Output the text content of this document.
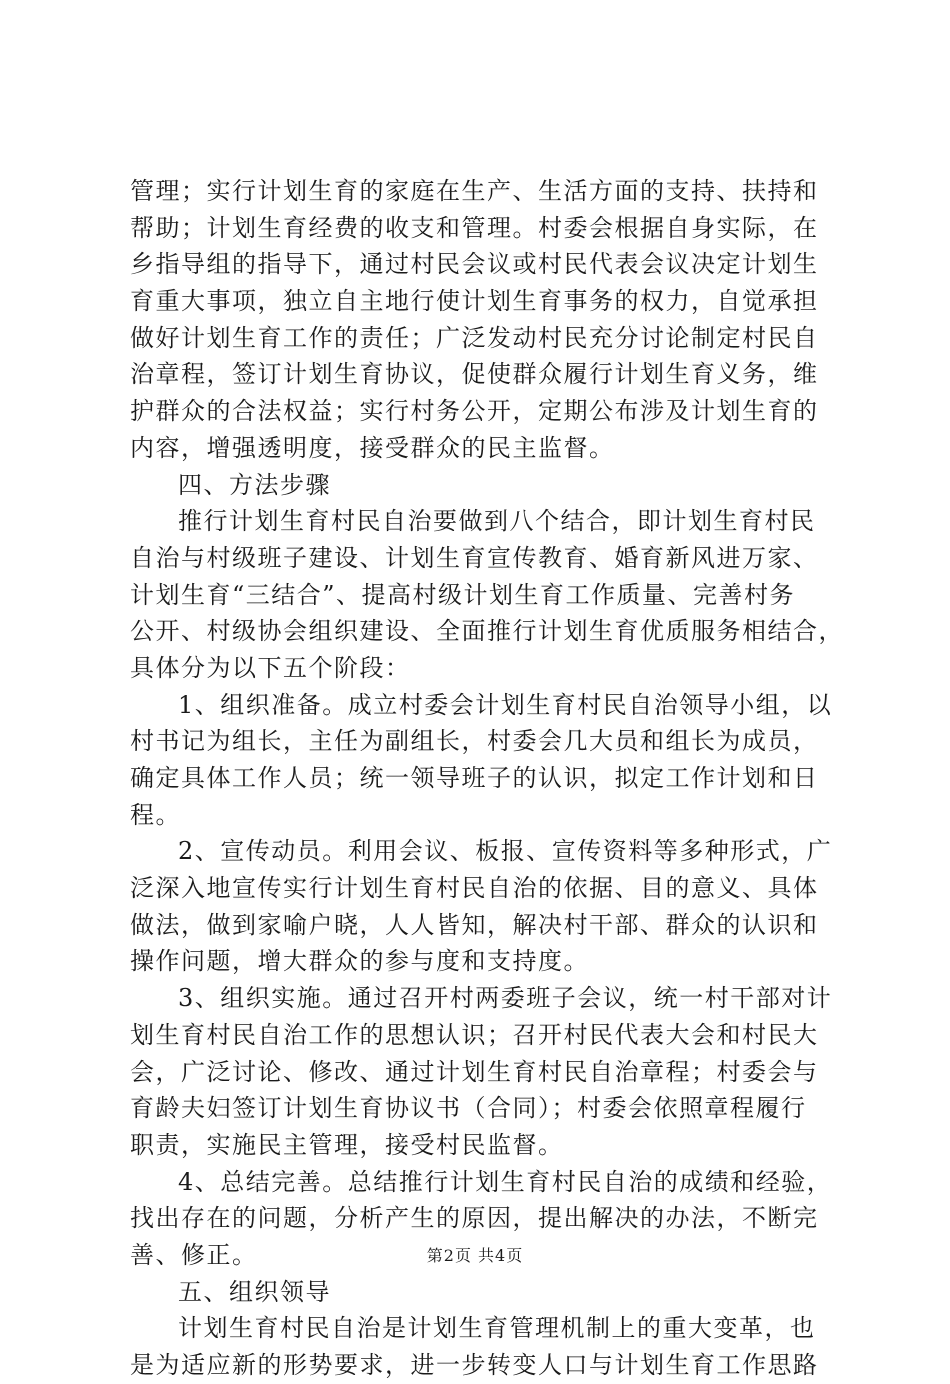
管理；实行计划生育的家庭在生产、生活方面的支持、扶持和
帮助；计划生育经费的收支和管理。村委会根据自身实际，在
乡指导组的指导下，通过村民会议或村民代表会议决定计划生
育重大事项，独立自主地行使计划生育事务的权力，自觉承担
做好计划生育工作的责任；广泛发动村民充分讨论制定村民自
治章程，签订计划生育协议，促使群众履行计划生育义务，维
护群众的合法权益；实行村务公开，定期公布涉及计划生育的
内容，增强透明度，接受群众的民主监督。
四、方法步骤
推行计划生育村民自治要做到八个结合，即计划生育村民
自治与村级班子建设、计划生育宣传教育、婚育新风进万家、
计划生育“三结合”、提高村级计划生育工作质量、完善村务
公开、村级协会组织建设、全面推行计划生育优质服务相结合，
具体分为以下五个阶段：
1、组织准备。成立村委会计划生育村民自治领导小组，以
村书记为组长，主任为副组长，村委会几大员和组长为成员，
确定具体工作人员；统一领导班子的认识，拟定工作计划和日
程。
2、宣传动员。利用会议、板报、宣传资料等多种形式，广
泛深入地宣传实行计划生育村民自治的依据、目的意义、具体
做法，做到家喻户晓，人人皆知，解决村干部、群众的认识和
操作问题，增大群众的参与度和支持度。
3、组织实施。通过召开村两委班子会议，统一村干部对计
划生育村民自治工作的思想认识；召开村民代表大会和村民大
会，广泛讨论、修改、通过计划生育村民自治章程；村委会与
育龄夫妇签订计划生育协议书（合同）；村委会依照章程履行
职责，实施民主管理，接受村民监督。
4、总结完善。总结推行计划生育村民自治的成绩和经验，
找出存在的问题，分析产生的原因，提出解决的办法，不断完
善、修正。
五、组织领导
计划生育村民自治是计划生育管理机制上的重大变革，也
是为适应新的形势要求，进一步转变人口与计划生育工作思路
第2页 共4页
